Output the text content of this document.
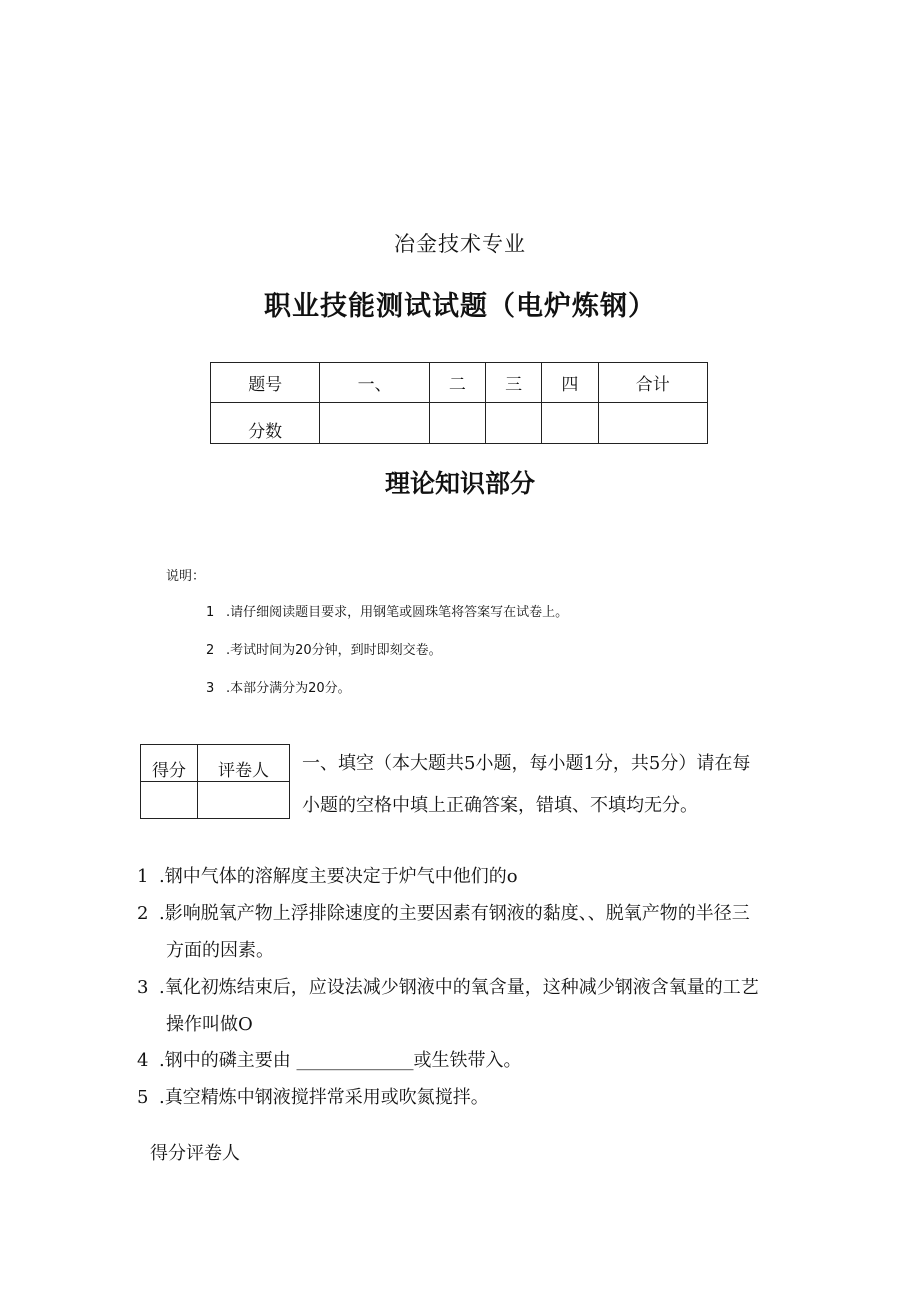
冶金技术专业
职业技能测试试题（电炉炼钢）
题号	一、	二	三	四	合计
分数					
理论知识部分
说明：
1 .请仔细阅读题目要求，用钢笔或圆珠笔将答案写在试卷上。
2 .考试时间为20分钟，到时即刻交卷。
3 .本部分满分为20分。
得分	评卷人
	一、填空（本大题共5小题，每小题1分，共5分）请在每
小题的空格中填上正确答案，错填、不填均无分。
1 .钢中气体的溶解度主要决定于炉气中他们的o
2 .影响脱氧产物上浮排除速度的主要因素有钢液的黏度、、脱氧产物的半径三
方面的因素。
3 .氧化初炼结束后，应设法减少钢液中的氧含量，这种减少钢液含氧量的工艺
操作叫做O
4 .钢中的磷主要由 _____________或生铁带入。
5 .真空精炼中钢液搅拌常采用或吹氮搅拌。
得分评卷人
